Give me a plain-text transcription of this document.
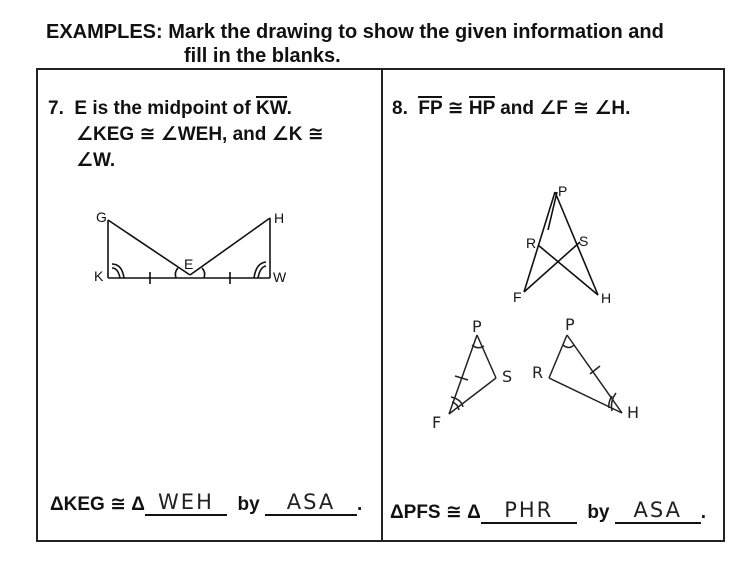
EXAMPLES: Mark the drawing to show the given information and
fill in the blanks.
7. E is the midpoint of KW.
∠KEG ≅ ∠WEH, and ∠K ≅
∠W.
G	H
K
E
W
ΔKEG ≅ Δ WEH by ASA .
8. FP ≅ HP and ∠F ≅ ∠H.
P
R	S
F	H
P
S
F
P
R
H
ΔPFS ≅ Δ PHR by ASA .
